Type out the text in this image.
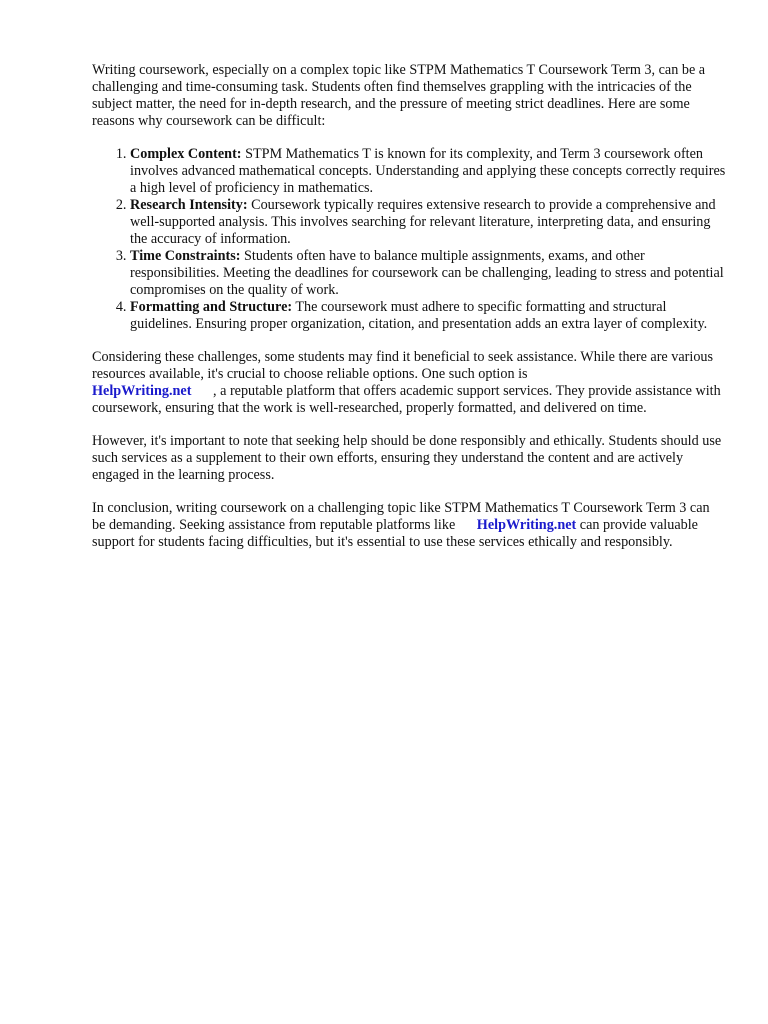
Writing coursework, especially on a complex topic like STPM Mathematics T Coursework Term 3, can be a challenging and time-consuming task. Students often find themselves grappling with the intricacies of the subject matter, the need for in-depth research, and the pressure of meeting strict deadlines. Here are some reasons why coursework can be difficult:

1. Complex Content: STPM Mathematics T is known for its complexity, and Term 3 coursework often involves advanced mathematical concepts. Understanding and applying these concepts correctly requires a high level of proficiency in mathematics.
2. Research Intensity: Coursework typically requires extensive research to provide a comprehensive and well-supported analysis. This involves searching for relevant literature, interpreting data, and ensuring the accuracy of information.
3. Time Constraints: Students often have to balance multiple assignments, exams, and other responsibilities. Meeting the deadlines for coursework can be challenging, leading to stress and potential compromises on the quality of work.
4. Formatting and Structure: The coursework must adhere to specific formatting and structural guidelines. Ensuring proper organization, citation, and presentation adds an extra layer of complexity.

Considering these challenges, some students may find it beneficial to seek assistance. While there are various resources available, it's crucial to choose reliable options. One such option is
HelpWriting.net , a reputable platform that offers academic support services. They provide assistance with coursework, ensuring that the work is well-researched, properly formatted, and delivered on time.

However, it's important to note that seeking help should be done responsibly and ethically. Students should use such services as a supplement to their own efforts, ensuring they understand the content and are actively engaged in the learning process.

In conclusion, writing coursework on a challenging topic like STPM Mathematics T Coursework Term 3 can be demanding. Seeking assistance from reputable platforms like HelpWriting.net can provide valuable support for students facing difficulties, but it's essential to use these services ethically and responsibly.
